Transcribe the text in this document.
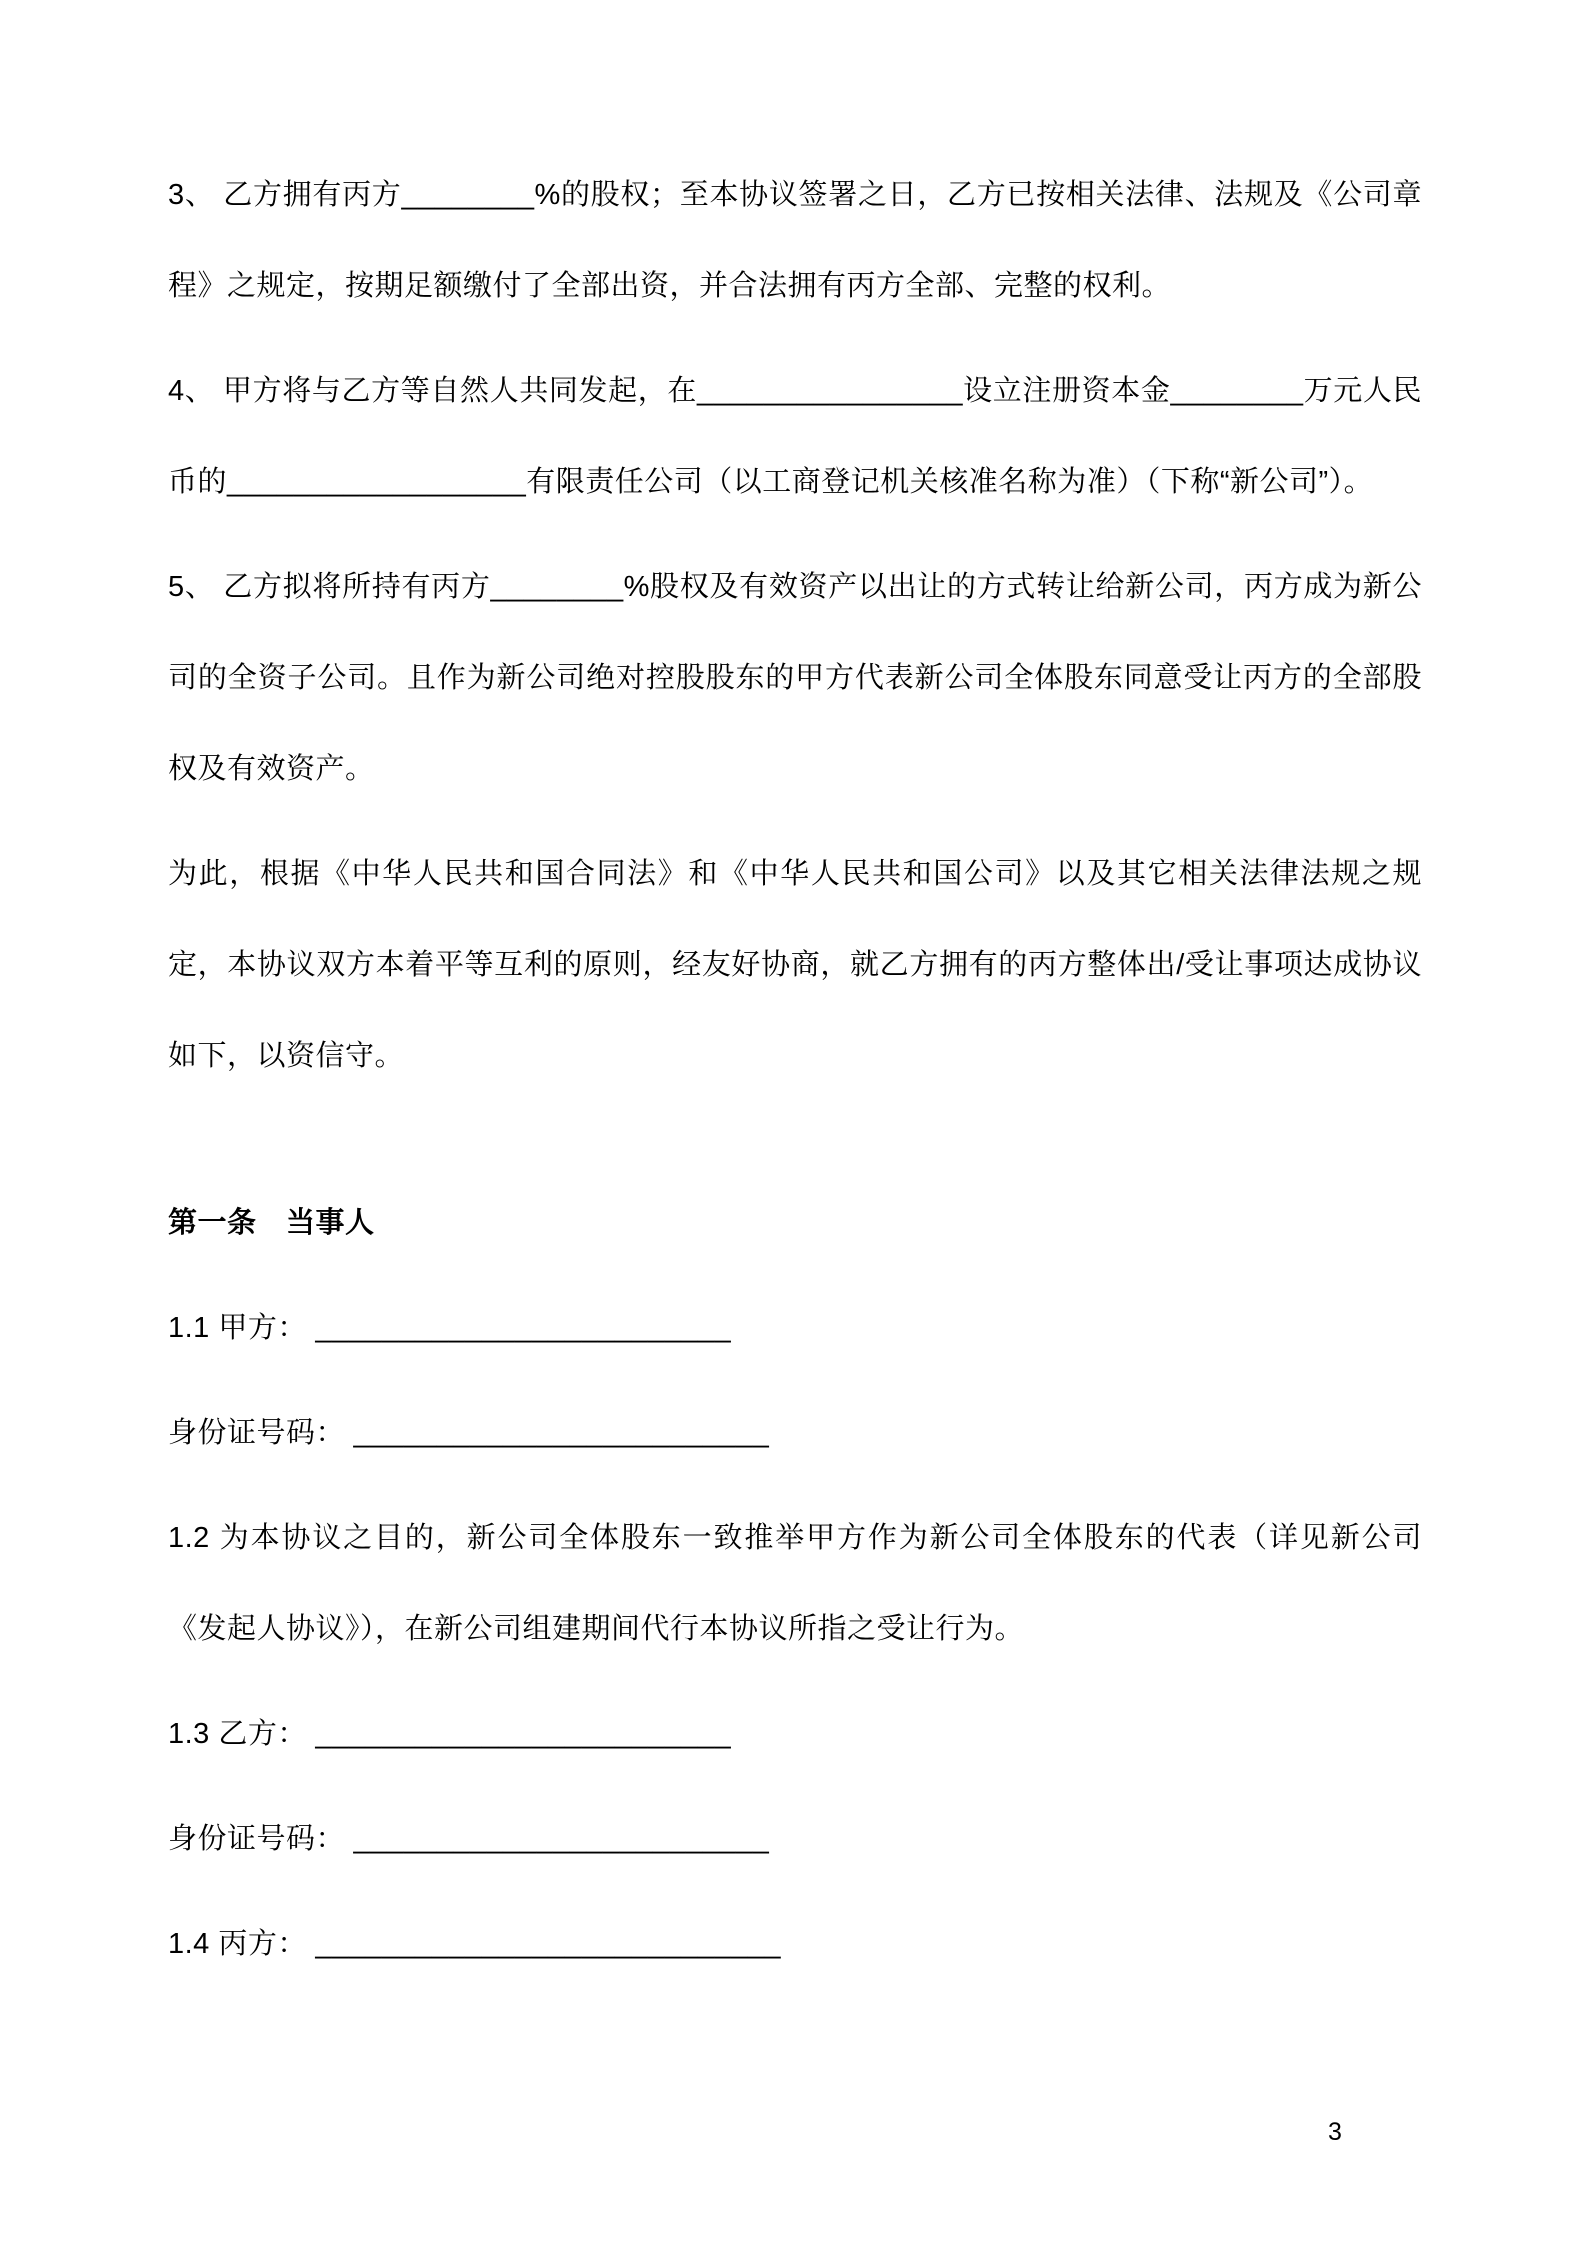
3、 乙方拥有丙方________%的股权；至本协议签署之日，乙方已按相关法律、法规及《公司章程》之规定，按期足额缴付了全部出资，并合法拥有丙方全部、完整的权利。

4、 甲方将与乙方等自然人共同发起，在________________设立注册资本金________万元人民币的__________________有限责任公司（以工商登记机关核准名称为准）（下称“新公司”）。

5、 乙方拟将所持有丙方________%股权及有效资产以出让的方式转让给新公司，丙方成为新公司的全资子公司。且作为新公司绝对控股股东的甲方代表新公司全体股东同意受让丙方的全部股权及有效资产。

为此，根据《中华人民共和国合同法》和《中华人民共和国公司》以及其它相关法律法规之规定，本协议双方本着平等互利的原则，经友好协商，就乙方拥有的丙方整体出/受让事项达成协议如下，以资信守。

第一条　当事人

1.1 甲方： _________________________

身份证号码： _________________________

1.2 为本协议之目的，新公司全体股东一致推举甲方作为新公司全体股东的代表（详见新公司《发起人协议》），在新公司组建期间代行本协议所指之受让行为。

1.3 乙方： _________________________

身份证号码： _________________________

1.4 丙方： ____________________________

3
